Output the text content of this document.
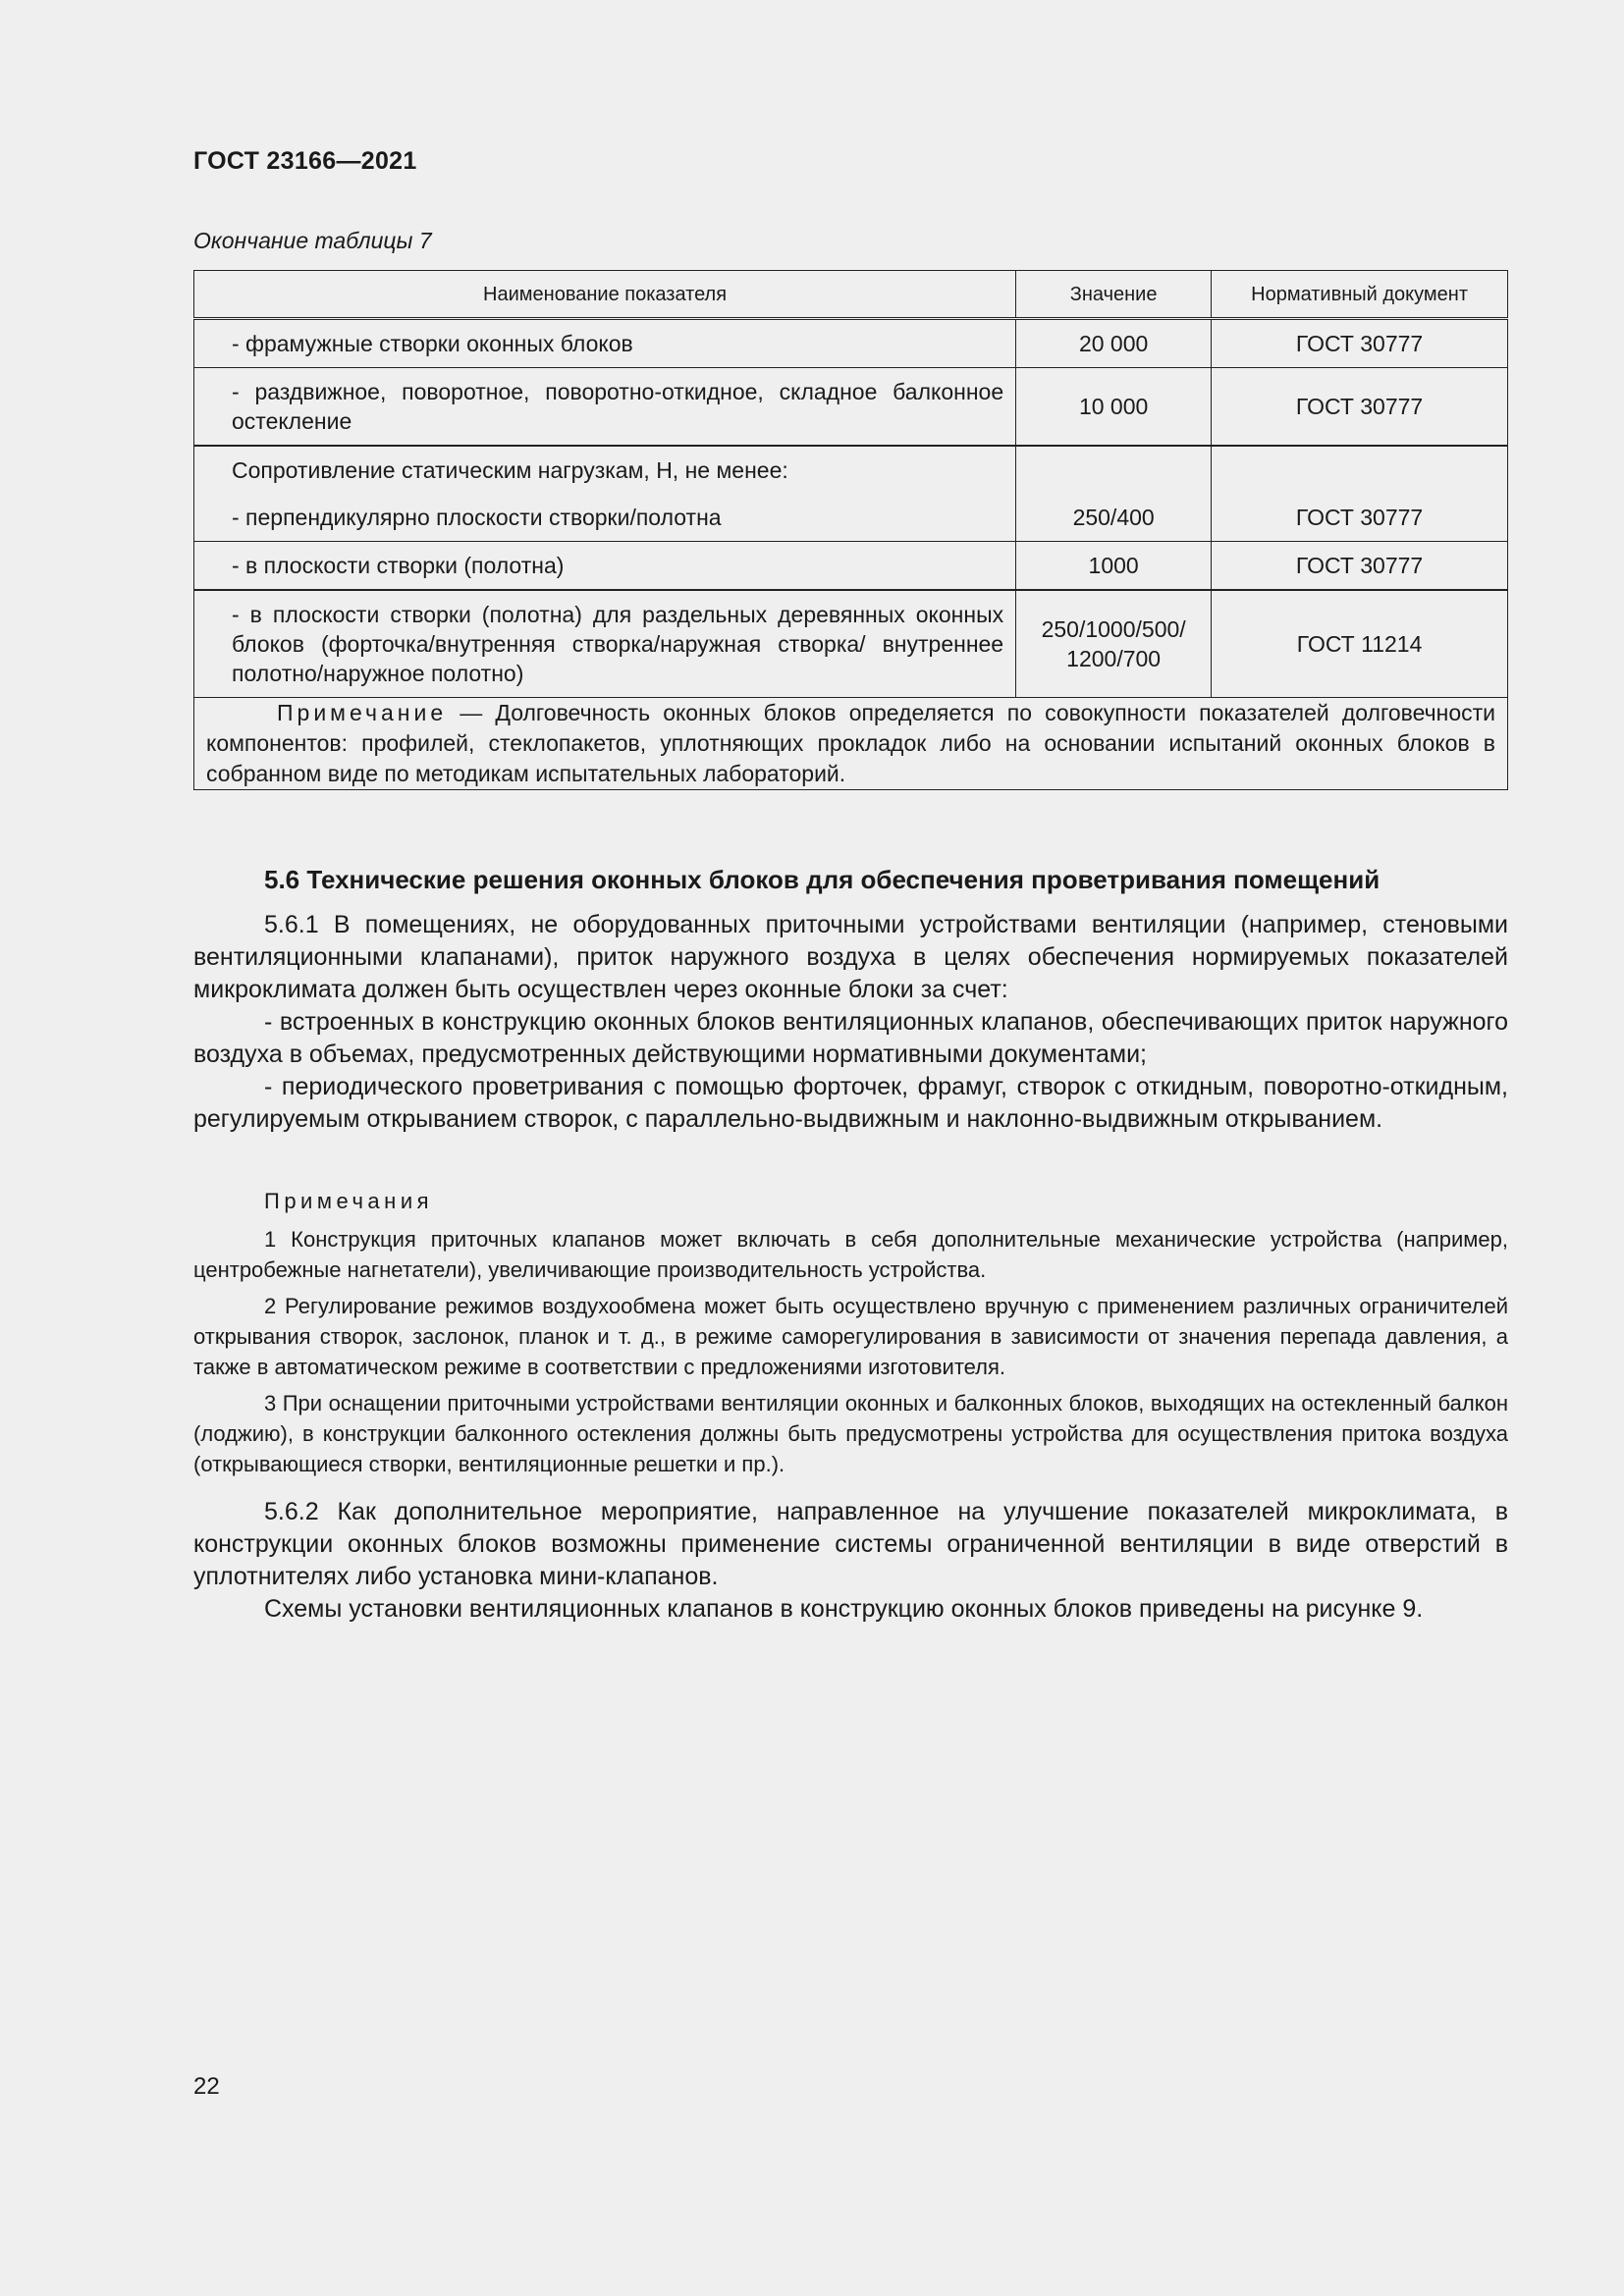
ГОСТ 23166—2021
Окончание таблицы 7
Наименование показателя	Значение	Нормативный документ
- фрамужные створки оконных блоков	20 000	ГОСТ 30777
- раздвижное, поворотное, поворотно-откидное, складное балконное остекление	10 000	ГОСТ 30777

Сопротивление статическим нагрузкам, Н, не менее:
- перпендикулярно плоскости створки/полотна	250/400	ГОСТ 30777

- в плоскости створки (полотна)	1000	ГОСТ 30777
- в плоскости створки (полотна) для раздельных деревянных оконных блоков (форточка/внутренняя створка/наружная створка/ внутреннее полотно/наружное полотно)	250/1000/500/ 1200/700	ГОСТ 11214
Примечание — Долговечность оконных блоков определяется по совокупности показателей долговечности компонентов: профилей, стеклопакетов, уплотняющих прокладок либо на основании испытаний оконных блоков в собранном виде по методикам испытательных лабораторий.		
5.6 Технические решения оконных блоков для обеспечения проветривания помещений

5.6.1 В помещениях, не оборудованных приточными устройствами вентиляции (например, стеновыми вентиляционными клапанами), приток наружного воздуха в целях обеспечения нормируемых показателей микроклимата должен быть осуществлен через оконные блоки за счет:

- встроенных в конструкцию оконных блоков вентиляционных клапанов, обеспечивающих приток наружного воздуха в объемах, предусмотренных действующими нормативными документами;

- периодического проветривания с помощью форточек, фрамуг, створок с откидным, поворотно-откидным, регулируемым открыванием створок, с параллельно-выдвижным и наклонно-выдвижным открыванием.

Примечания

1 Конструкция приточных клапанов может включать в себя дополнительные механические устройства (например, центробежные нагнетатели), увеличивающие производительность устройства.

2 Регулирование режимов воздухообмена может быть осуществлено вручную с применением различных ограничителей открывания створок, заслонок, планок и т. д., в режиме саморегулирования в зависимости от значения перепада давления, а также в автоматическом режиме в соответствии с предложениями изготовителя.

3 При оснащении приточными устройствами вентиляции оконных и балконных блоков, выходящих на остекленный балкон (лоджию), в конструкции балконного остекления должны быть предусмотрены устройства для осуществления притока воздуха (открывающиеся створки, вентиляционные решетки и пр.).

5.6.2 Как дополнительное мероприятие, направленное на улучшение показателей микроклимата, в конструкции оконных блоков возможны применение системы ограниченной вентиляции в виде отверстий в уплотнителях либо установка мини-клапанов.

Схемы установки вентиляционных клапанов в конструкцию оконных блоков приведены на рисунке 9.

22
